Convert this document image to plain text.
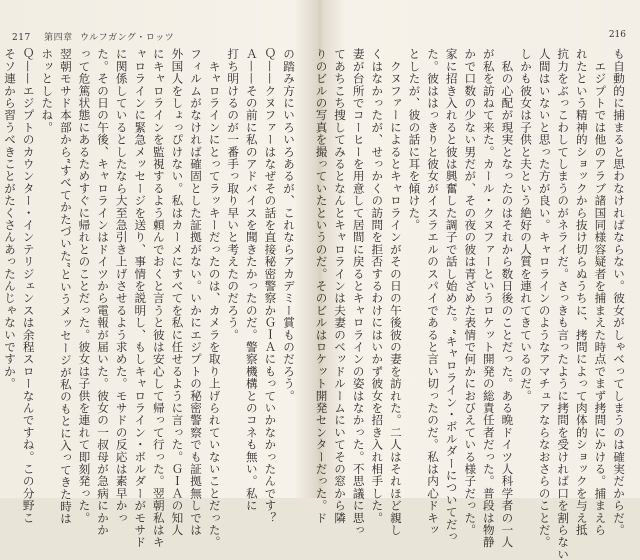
217 第四章 ウルフガング・ロッツ
の踏み方にいろいろあるが、これならアカデミー賞ものだろう。
Ｑ——クヌファーはなぜその話を直接秘密警察かＧＩＡにもっていかなかったんです？
Ａ——その前に私のアドバイスを聞きたかったのだ。警察機構とのコネも無い。私に
打ち明けるのが一番手っ取り早いと考えたのだろう。
　キャロラインにとってラッキーだったのは、カメラを取り上げられていないことだった。
フィルムがなければ確固とした証拠がない。いかにエジプトの秘密警察でも証拠無しでは
外国人をしょっぴけない。私はカーメにすべてを私に任せるように言った。ＧＩＡの知人
にキャロラインを監視するよう頼んでおくと言うと彼は安心して帰って行った。翌朝私はキ
ャロラインに緊急メッセージを送り、事情を説明し、もしキャロライン・ボルダーがモサド
に関係しているとしたなら大至急引き上げさせるよう求めた。モサドの反応は素早かっ
た。その日の午後、キャロラインはドイツから電報が届いた。彼女の一叔母が急病にかか
って危篤状態にあるためすぐに帰れとのことだった。彼女は子供を連れて即刻発った。
翌朝モサド本部から“すべてかたづいた”というメッセージが私のもとに入ってきた時は
ホッとしたね。
Ｑ——エジプトのカウンター・インテリジェンスは余程スローなんですね。この分野こ
そソ連から習うべきことがたくさんあったんじゃないですか。
216
も自動的に捕まると思わなければならない。彼女がしゃべってしまうのは確実だからだ。
　エジプトでは他のアラブ諸国同様容疑者を捕まえた時点でまず拷問にかける。捕まえら
れたという精神的ショックから抜け切らぬうちに、拷問によって肉体的ショックを与え抵
抗力をぶっこわしてしまうのがネライだ。さっきも言ったように拷問を受ければ口を割らない
人間はいないと思った方が良い。キャロラインのようなアマチュアならなおさらのことだ。
しかも彼女は子供と夫という絶好の人質を連れてきているのだ。
　私の心配が現実となったのはそれから数日後のことだった。ある晩ドイツ人科学者の一人
が私を訪ねて来た。カール・クヌファーというロケット開発の総責任者だった。普段は物静
かで口数の少ない男だが、その夜の彼は青ざめた表情で何かにおびえている様子だった。
家に招き入れると彼は興奮した調子で話し始めた。“キャロライン・ボルダーについてだっ
た。彼ははっきりと彼女がイスラエルのスパイであると言い切ったのだ。私は内心ドキッ
としたが、彼の話に耳を傾けた。
　クヌファーによるとキャロラインがその日の午後彼の妻を訪れた。二人はそれほど親し
くはなかったが、せっかくの訪問を拒否するわけにはいかず彼女を招き入れ相手した。
妻が台所でコーヒーを用意して居間に戻るとキャロラインの姿はなかった。不思議に思っ
てあちこち捜してみるとなんとキャロラインは夫妻のベッドルームにいてその窓から隣
りのビルの写真を撮っていたというのだ。そのビルはロケット開発センターだった。ド
